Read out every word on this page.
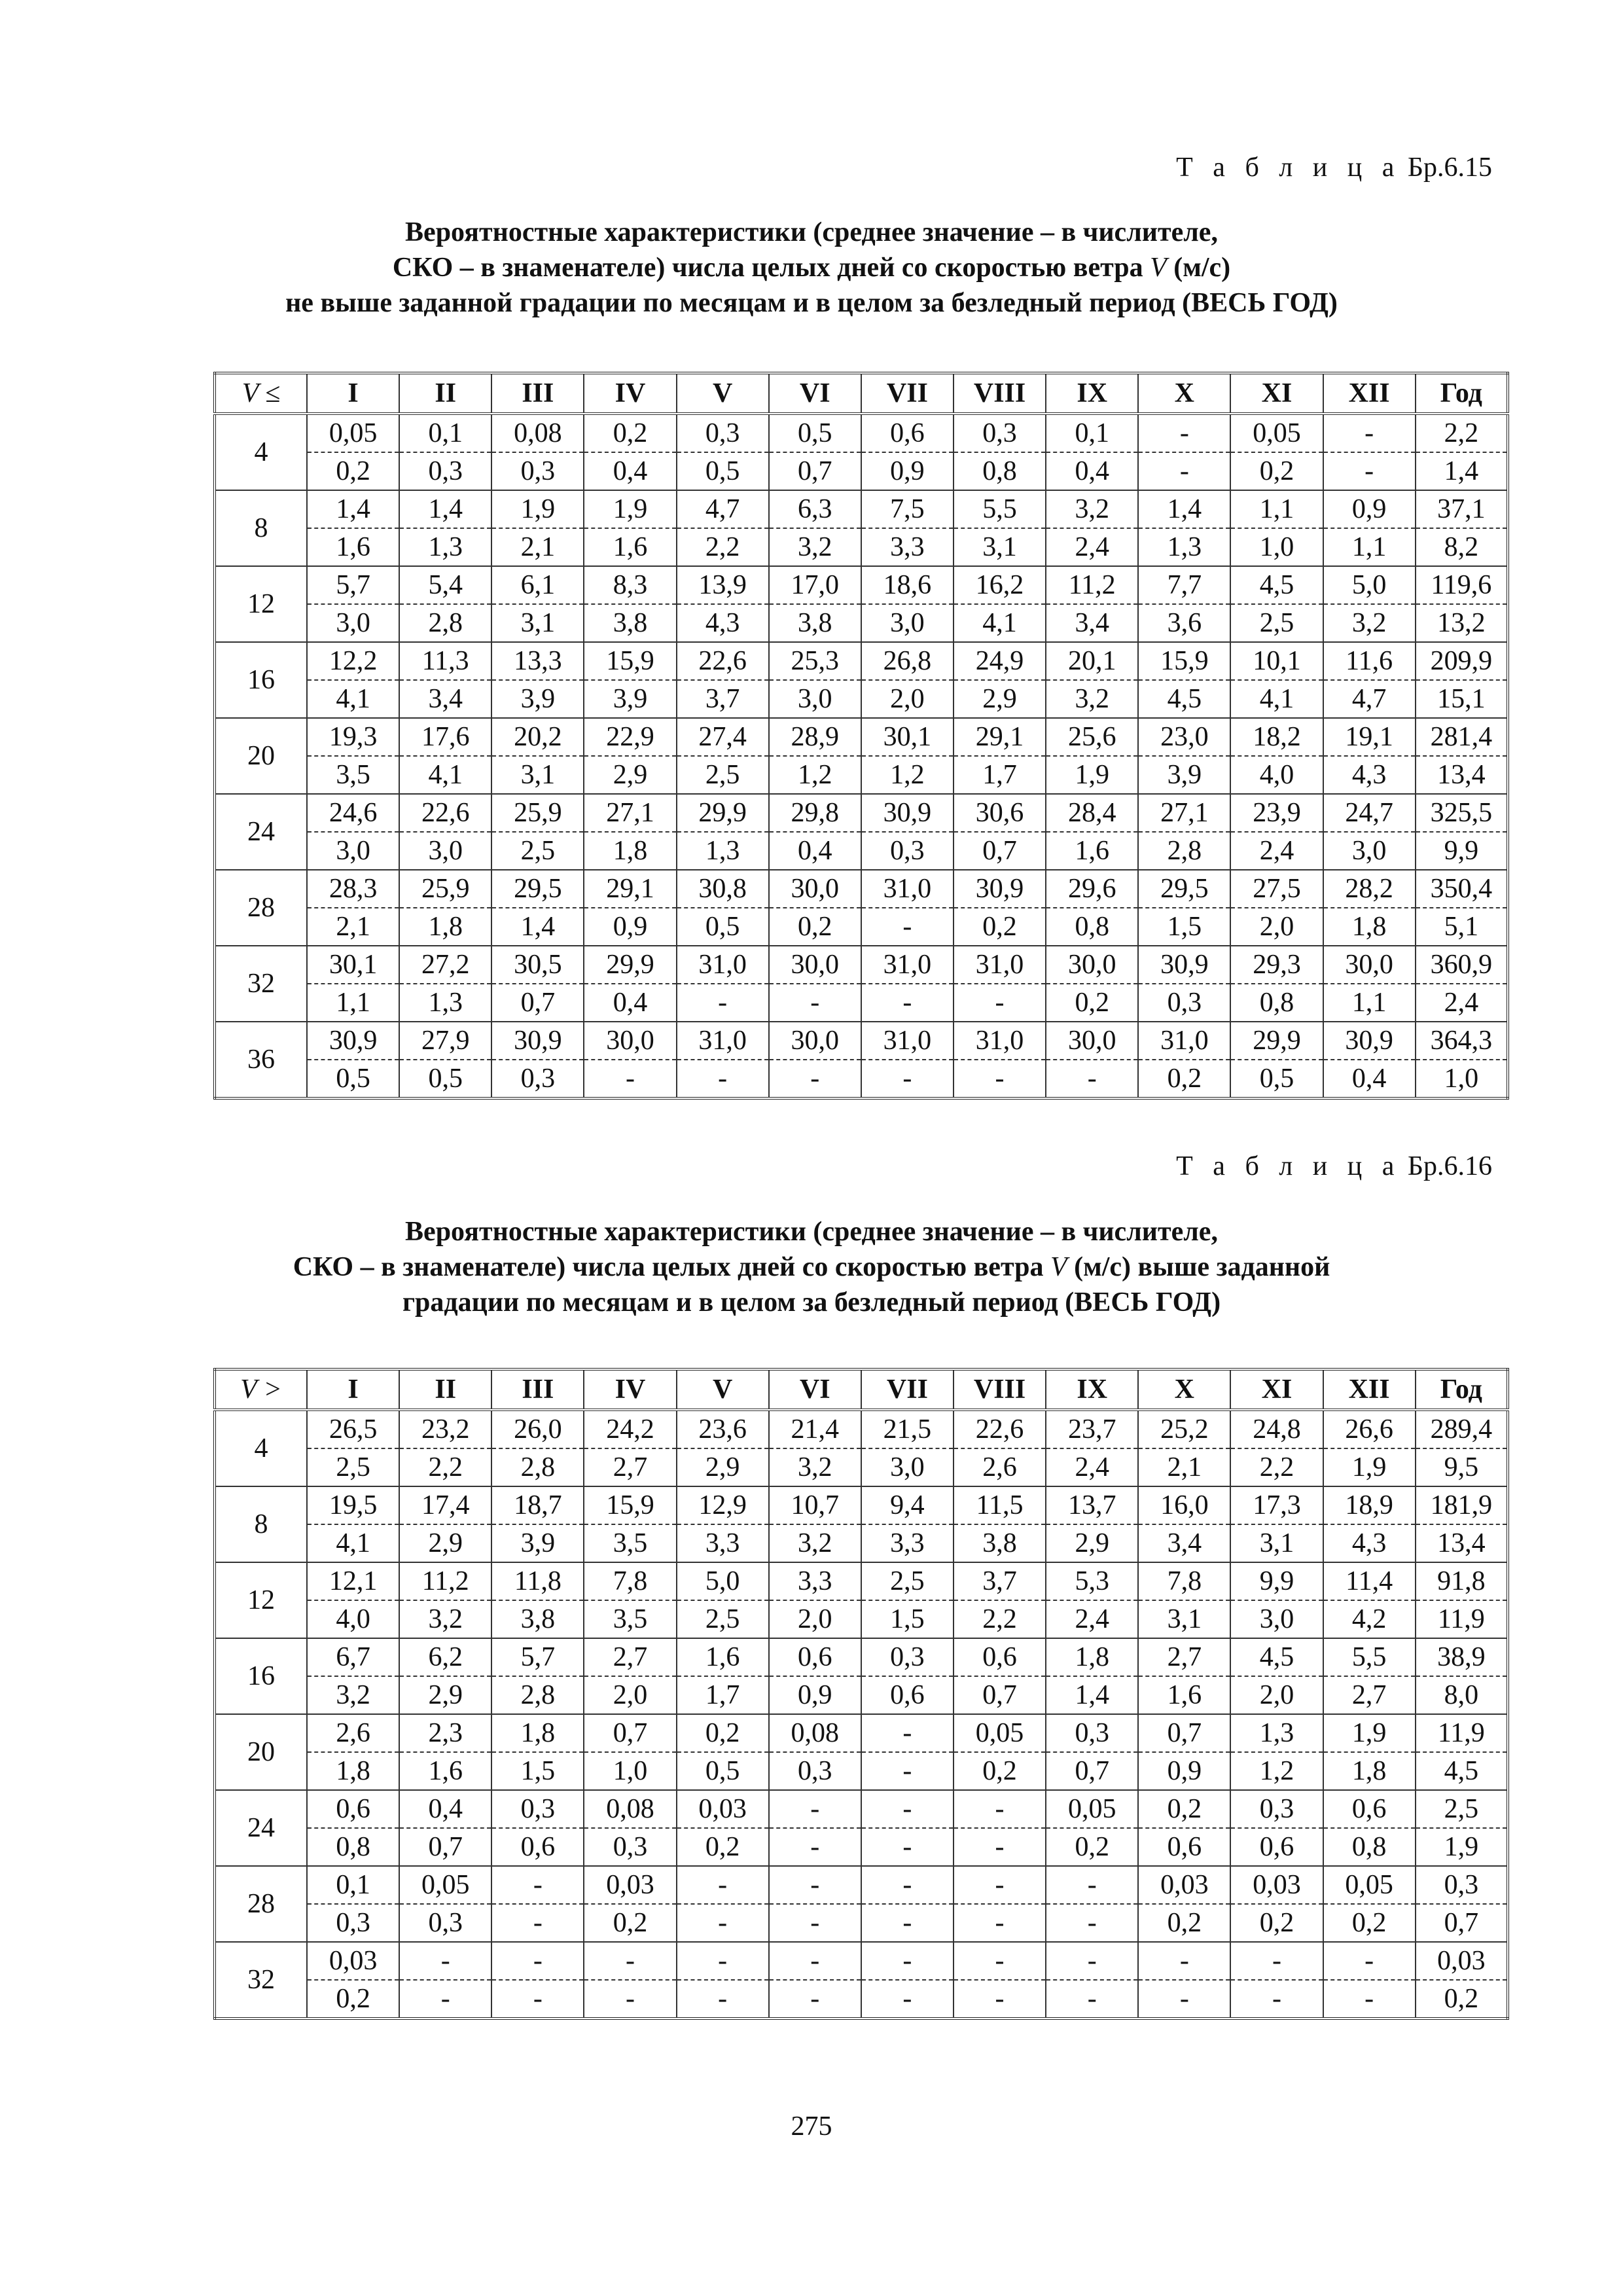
Т а б л и ц а Бр.6.15
Вероятностные характеристики (среднее значение – в числителе,
СКО – в знаменателе) числа целых дней со скоростью ветра V (м/с)
не выше заданной градации по месяцам и в целом за безледный период (ВЕСЬ ГОД)
V ≤	I	II	III	IV	V	VI	VII	VIII	IX	X	XI	XII	Год
4	0,05	0,1	0,08	0,2	0,3	0,5	0,6	0,3	0,1	-	0,05	-	2,2
	0,2	0,3	0,3	0,4	0,5	0,7	0,9	0,8	0,4	-	0,2	-	1,4
8	1,4	1,4	1,9	1,9	4,7	6,3	7,5	5,5	3,2	1,4	1,1	0,9	37,1
	1,6	1,3	2,1	1,6	2,2	3,2	3,3	3,1	2,4	1,3	1,0	1,1	8,2
12	5,7	5,4	6,1	8,3	13,9	17,0	18,6	16,2	11,2	7,7	4,5	5,0	119,6
	3,0	2,8	3,1	3,8	4,3	3,8	3,0	4,1	3,4	3,6	2,5	3,2	13,2
16	12,2	11,3	13,3	15,9	22,6	25,3	26,8	24,9	20,1	15,9	10,1	11,6	209,9
	4,1	3,4	3,9	3,9	3,7	3,0	2,0	2,9	3,2	4,5	4,1	4,7	15,1
20	19,3	17,6	20,2	22,9	27,4	28,9	30,1	29,1	25,6	23,0	18,2	19,1	281,4
	3,5	4,1	3,1	2,9	2,5	1,2	1,2	1,7	1,9	3,9	4,0	4,3	13,4
24	24,6	22,6	25,9	27,1	29,9	29,8	30,9	30,6	28,4	27,1	23,9	24,7	325,5
	3,0	3,0	2,5	1,8	1,3	0,4	0,3	0,7	1,6	2,8	2,4	3,0	9,9
28	28,3	25,9	29,5	29,1	30,8	30,0	31,0	30,9	29,6	29,5	27,5	28,2	350,4
	2,1	1,8	1,4	0,9	0,5	0,2	-	0,2	0,8	1,5	2,0	1,8	5,1
32	30,1	27,2	30,5	29,9	31,0	30,0	31,0	31,0	30,0	30,9	29,3	30,0	360,9
	1,1	1,3	0,7	0,4	-	-	-	-	0,2	0,3	0,8	1,1	2,4
36	30,9	27,9	30,9	30,0	31,0	30,0	31,0	31,0	30,0	31,0	29,9	30,9	364,3
	0,5	0,5	0,3	-	-	-	-	-	-	0,2	0,5	0,4	1,0
Т а б л и ц а Бр.6.16
Вероятностные характеристики (среднее значение – в числителе,
СКО – в знаменателе) числа целых дней со скоростью ветра V (м/с) выше заданной
градации по месяцам и в целом за безледный период (ВЕСЬ ГОД)
V >	I	II	III	IV	V	VI	VII	VIII	IX	X	XI	XII	Год
4	26,5	23,2	26,0	24,2	23,6	21,4	21,5	22,6	23,7	25,2	24,8	26,6	289,4
	2,5	2,2	2,8	2,7	2,9	3,2	3,0	2,6	2,4	2,1	2,2	1,9	9,5
8	19,5	17,4	18,7	15,9	12,9	10,7	9,4	11,5	13,7	16,0	17,3	18,9	181,9
	4,1	2,9	3,9	3,5	3,3	3,2	3,3	3,8	2,9	3,4	3,1	4,3	13,4
12	12,1	11,2	11,8	7,8	5,0	3,3	2,5	3,7	5,3	7,8	9,9	11,4	91,8
	4,0	3,2	3,8	3,5	2,5	2,0	1,5	2,2	2,4	3,1	3,0	4,2	11,9
16	6,7	6,2	5,7	2,7	1,6	0,6	0,3	0,6	1,8	2,7	4,5	5,5	38,9
	3,2	2,9	2,8	2,0	1,7	0,9	0,6	0,7	1,4	1,6	2,0	2,7	8,0
20	2,6	2,3	1,8	0,7	0,2	0,08	-	0,05	0,3	0,7	1,3	1,9	11,9
	1,8	1,6	1,5	1,0	0,5	0,3	-	0,2	0,7	0,9	1,2	1,8	4,5
24	0,6	0,4	0,3	0,08	0,03	-	-	-	0,05	0,2	0,3	0,6	2,5
	0,8	0,7	0,6	0,3	0,2	-	-	-	0,2	0,6	0,6	0,8	1,9
28	0,1	0,05	-	0,03	-	-	-	-	-	0,03	0,03	0,05	0,3
	0,3	0,3	-	0,2	-	-	-	-	-	0,2	0,2	0,2	0,7
32	0,03	-	-	-	-	-	-	-	-	-	-	-	0,03
	0,2	-	-	-	-	-	-	-	-	-	-	-	0,2
275
